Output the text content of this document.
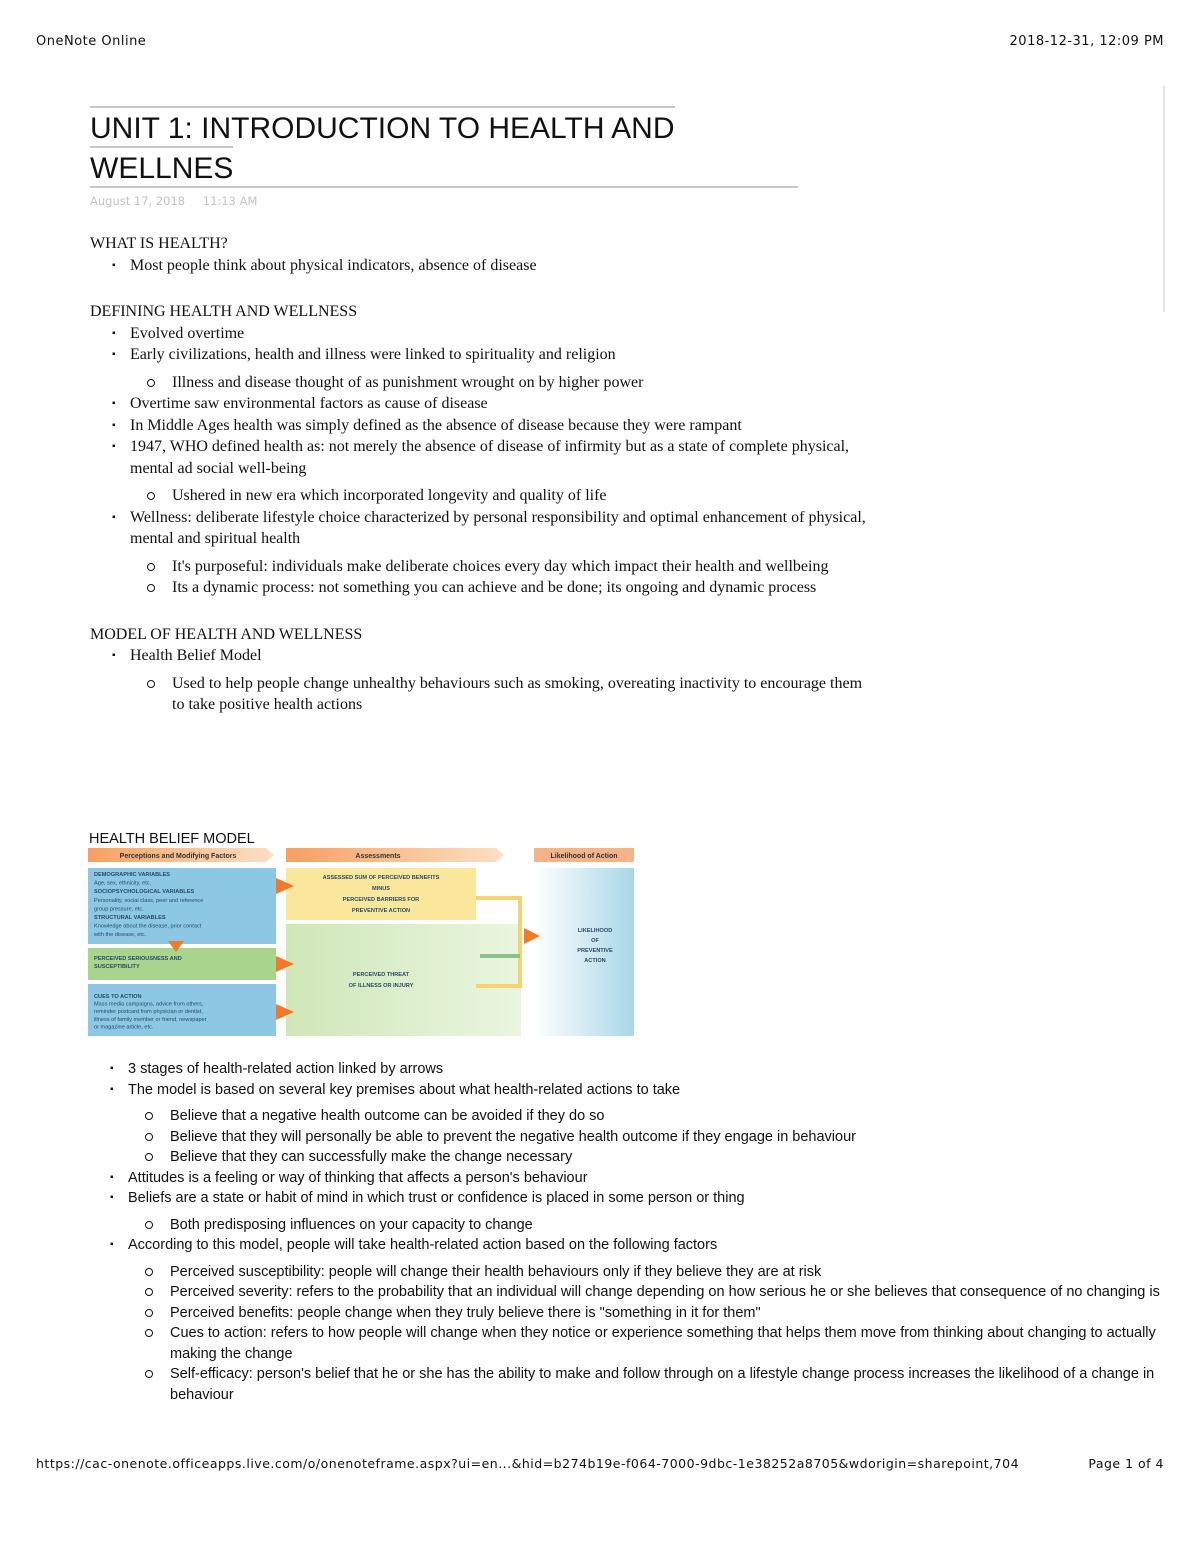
OneNote Online	2018-12-31, 12:09 PM
UNIT 1: INTRODUCTION TO HEALTH AND
WELLNES
August 17, 2018 11:13 AM
WHAT IS HEALTH?
▪ Most people think about physical indicators, absence of disease
DEFINING HEALTH AND WELLNESS
▪ Evolved overtime
▪ Early civilizations, health and illness were linked to spirituality and religion
Illness and disease thought of as punishment wrought on by higher power
▪ Overtime saw environmental factors as cause of disease
▪ In Middle Ages health was simply defined as the absence of disease because they were rampant
▪ 1947, WHO defined health as: not merely the absence of disease of infirmity but as a state of complete physical, mental ad social well-being
Ushered in new era which incorporated longevity and quality of life
▪ Wellness: deliberate lifestyle choice characterized by personal responsibility and optimal enhancement of physical, mental and spiritual health
It's purposeful: individuals make deliberate choices every day which impact their health and wellbeing
Its a dynamic process: not something you can achieve and be done; its ongoing and dynamic process
MODEL OF HEALTH AND WELLNESS
▪ Health Belief Model
Used to help people change unhealthy behaviours such as smoking, overeating inactivity to encourage them to take positive health actions
HEALTH BELIEF MODEL
Perceptions and Modifying Factors	Assessments	Likelihood of Action
DEMOGRAPHIC VARIABLES
Age, sex, ethnicity, etc.
SOCIOPSYCHOLOGICAL VARIABLES
Personality, social class, peer and reference
group pressure, etc.
STRUCTURAL VARIABLES
Knowledge about the disease, prior contact
with the disease, etc.
PERCEIVED SERIOUSNESS AND
SUSCEPTIBILITY
CUES TO ACTION
Mass media campaigns, advice from others,
reminder postcard from physician or dentist,
illness of family member or friend, newspaper
or magazine article, etc.
ASSESSED SUM OF PERCEIVED BENEFITS
MINUS
PERCEIVED BARRIERS FOR
PREVENTIVE ACTION
PERCEIVED THREAT
OF ILLNESS OR INJURY
LIKELIHOOD
OF
PREVENTIVE
ACTION
▪ 3 stages of health-related action linked by arrows
▪ The model is based on several key premises about what health-related actions to take
Believe that a negative health outcome can be avoided if they do so
Believe that they will personally be able to prevent the negative health outcome if they engage in behaviour
Believe that they can successfully make the change necessary
▪ Attitudes is a feeling or way of thinking that affects a person's behaviour
▪ Beliefs are a state or habit of mind in which trust or confidence is placed in some person or thing
Both predisposing influences on your capacity to change
▪ According to this model, people will take health-related action based on the following factors
Perceived susceptibility: people will change their health behaviours only if they believe they are at risk
Perceived severity: refers to the probability that an individual will change depending on how serious he or she believes that consequence of no changing is
Perceived benefits: people change when they truly believe there is "something in it for them"
Cues to action: refers to how people will change when they notice or experience something that helps them move from thinking about changing to actually making the change
Self-efficacy: person's belief that he or she has the ability to make and follow through on a lifestyle change process increases the likelihood of a change in behaviour
https://cac-onenote.officeapps.live.com/o/onenoteframe.aspx?ui=en...&hid=b274b19e-f064-7000-9dbc-1e38252a8705&wdorigin=sharepoint,704	Page 1 of 4
